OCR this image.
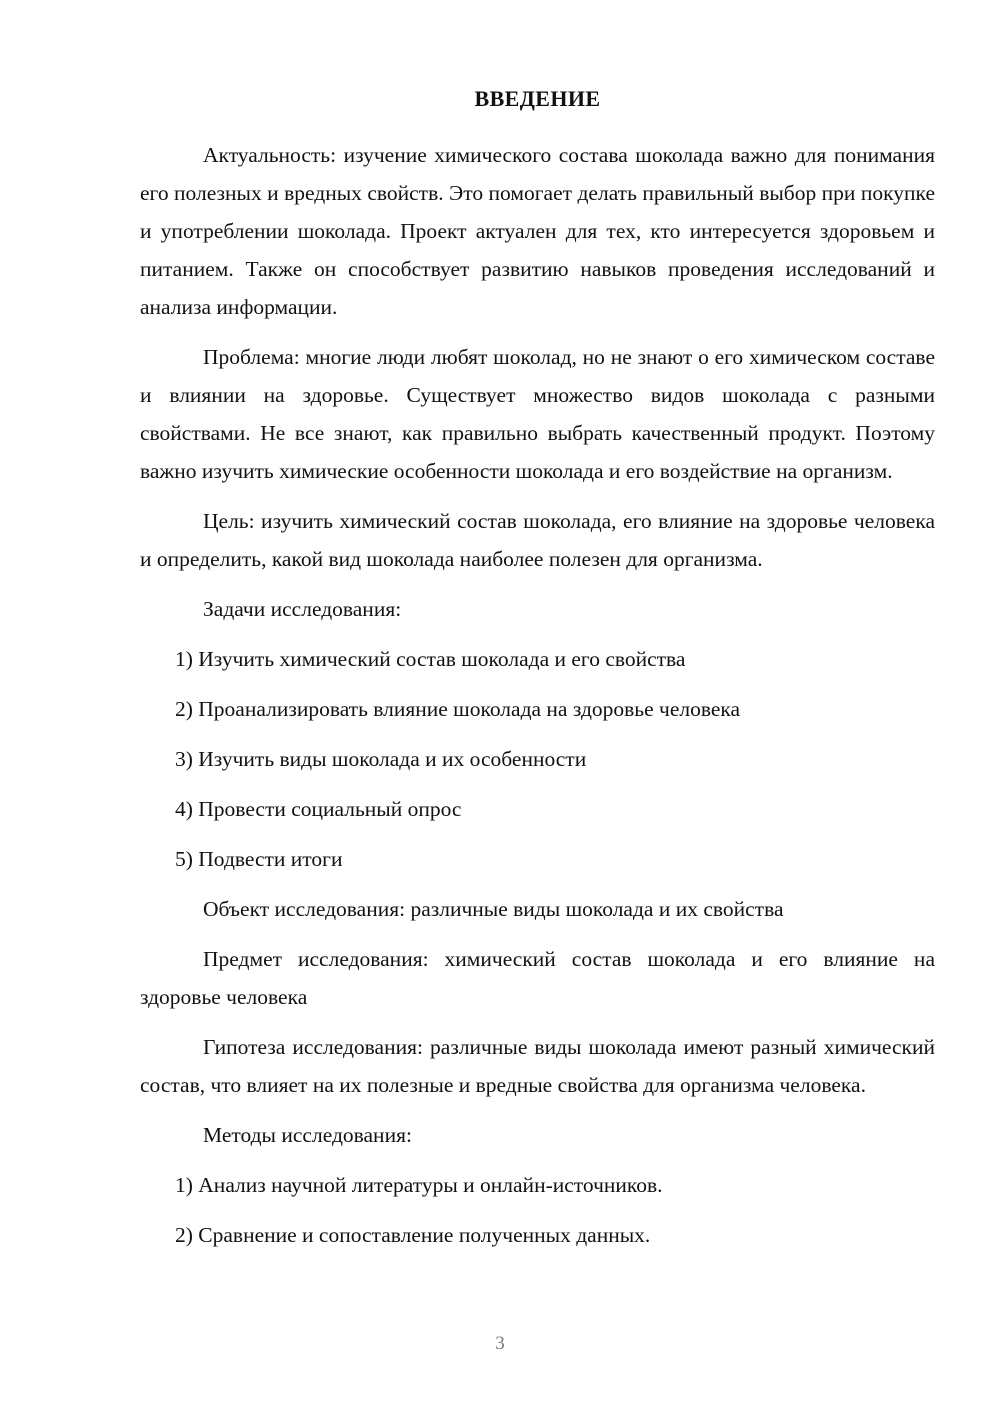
ВВЕДЕНИЕ

Актуальность: изучение химического состава шоколада важно для понимания его полезных и вредных свойств. Это помогает делать правильный выбор при покупке и употреблении шоколада. Проект актуален для тех, кто интересуется здоровьем и питанием. Также он способствует развитию навыков проведения исследований и анализа информации.

Проблема: многие люди любят шоколад, но не знают о его химическом составе и влиянии на здоровье. Существует множество видов шоколада с разными свойствами. Не все знают, как правильно выбрать качественный продукт. Поэтому важно изучить химические особенности шоколада и его воздействие на организм.

Цель: изучить химический состав шоколада, его влияние на здоровье человека и определить, какой вид шоколада наиболее полезен для организма.

Задачи исследования:

1) Изучить химический состав шоколада и его свойства
2) Проанализировать влияние шоколада на здоровье человека
3) Изучить виды шоколада и их особенности
4) Провести социальный опрос
5) Подвести итоги

Объект исследования: различные виды шоколада и их свойства

Предмет исследования: химический состав шоколада и его влияние на здоровье человека

Гипотеза исследования: различные виды шоколада имеют разный химический состав, что влияет на их полезные и вредные свойства для организма человека.

Методы исследования:

1) Анализ научной литературы и онлайн-источников.
2) Сравнение и сопоставление полученных данных.
3
